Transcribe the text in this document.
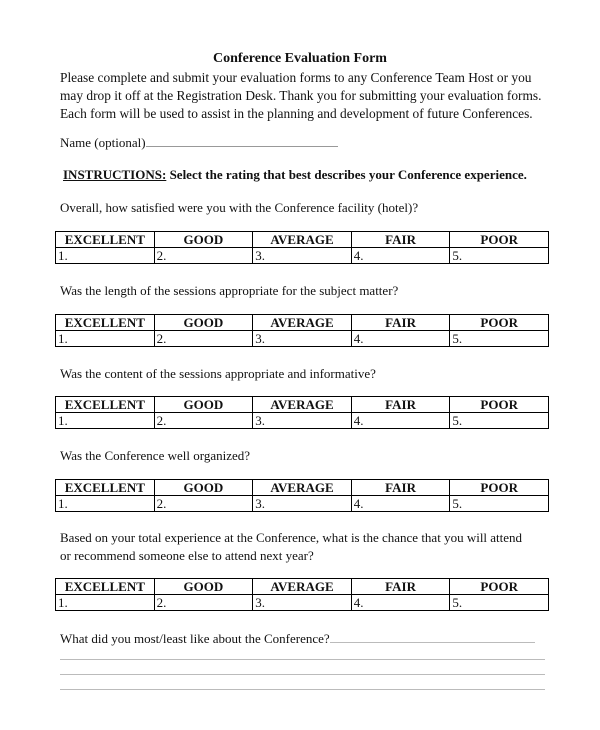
Conference Evaluation Form
Please complete and submit your evaluation forms to any Conference Team Host or you
may drop it off at the Registration Desk. Thank you for submitting your evaluation forms.
Each form will be used to assist in the planning and development of future Conferences.
Name (optional)
INSTRUCTIONS: Select the rating that best describes your Conference experience.
Overall, how satisfied were you with the Conference facility (hotel)?
EXCELLENT	GOOD	AVERAGE	FAIR	POOR
1.	2.	3.	4.	5.
Was the length of the sessions appropriate for the subject matter?
EXCELLENT	GOOD	AVERAGE	FAIR	POOR
1.	2.	3.	4.	5.
Was the content of the sessions appropriate and informative?
EXCELLENT	GOOD	AVERAGE	FAIR	POOR
1.	2.	3.	4.	5.
Was the Conference well organized?
EXCELLENT	GOOD	AVERAGE	FAIR	POOR
1.	2.	3.	4.	5.
Based on your total experience at the Conference, what is the chance that you will attend
or recommend someone else to attend next year?
EXCELLENT	GOOD	AVERAGE	FAIR	POOR
1.	2.	3.	4.	5.
What did you most/least like about the Conference?
